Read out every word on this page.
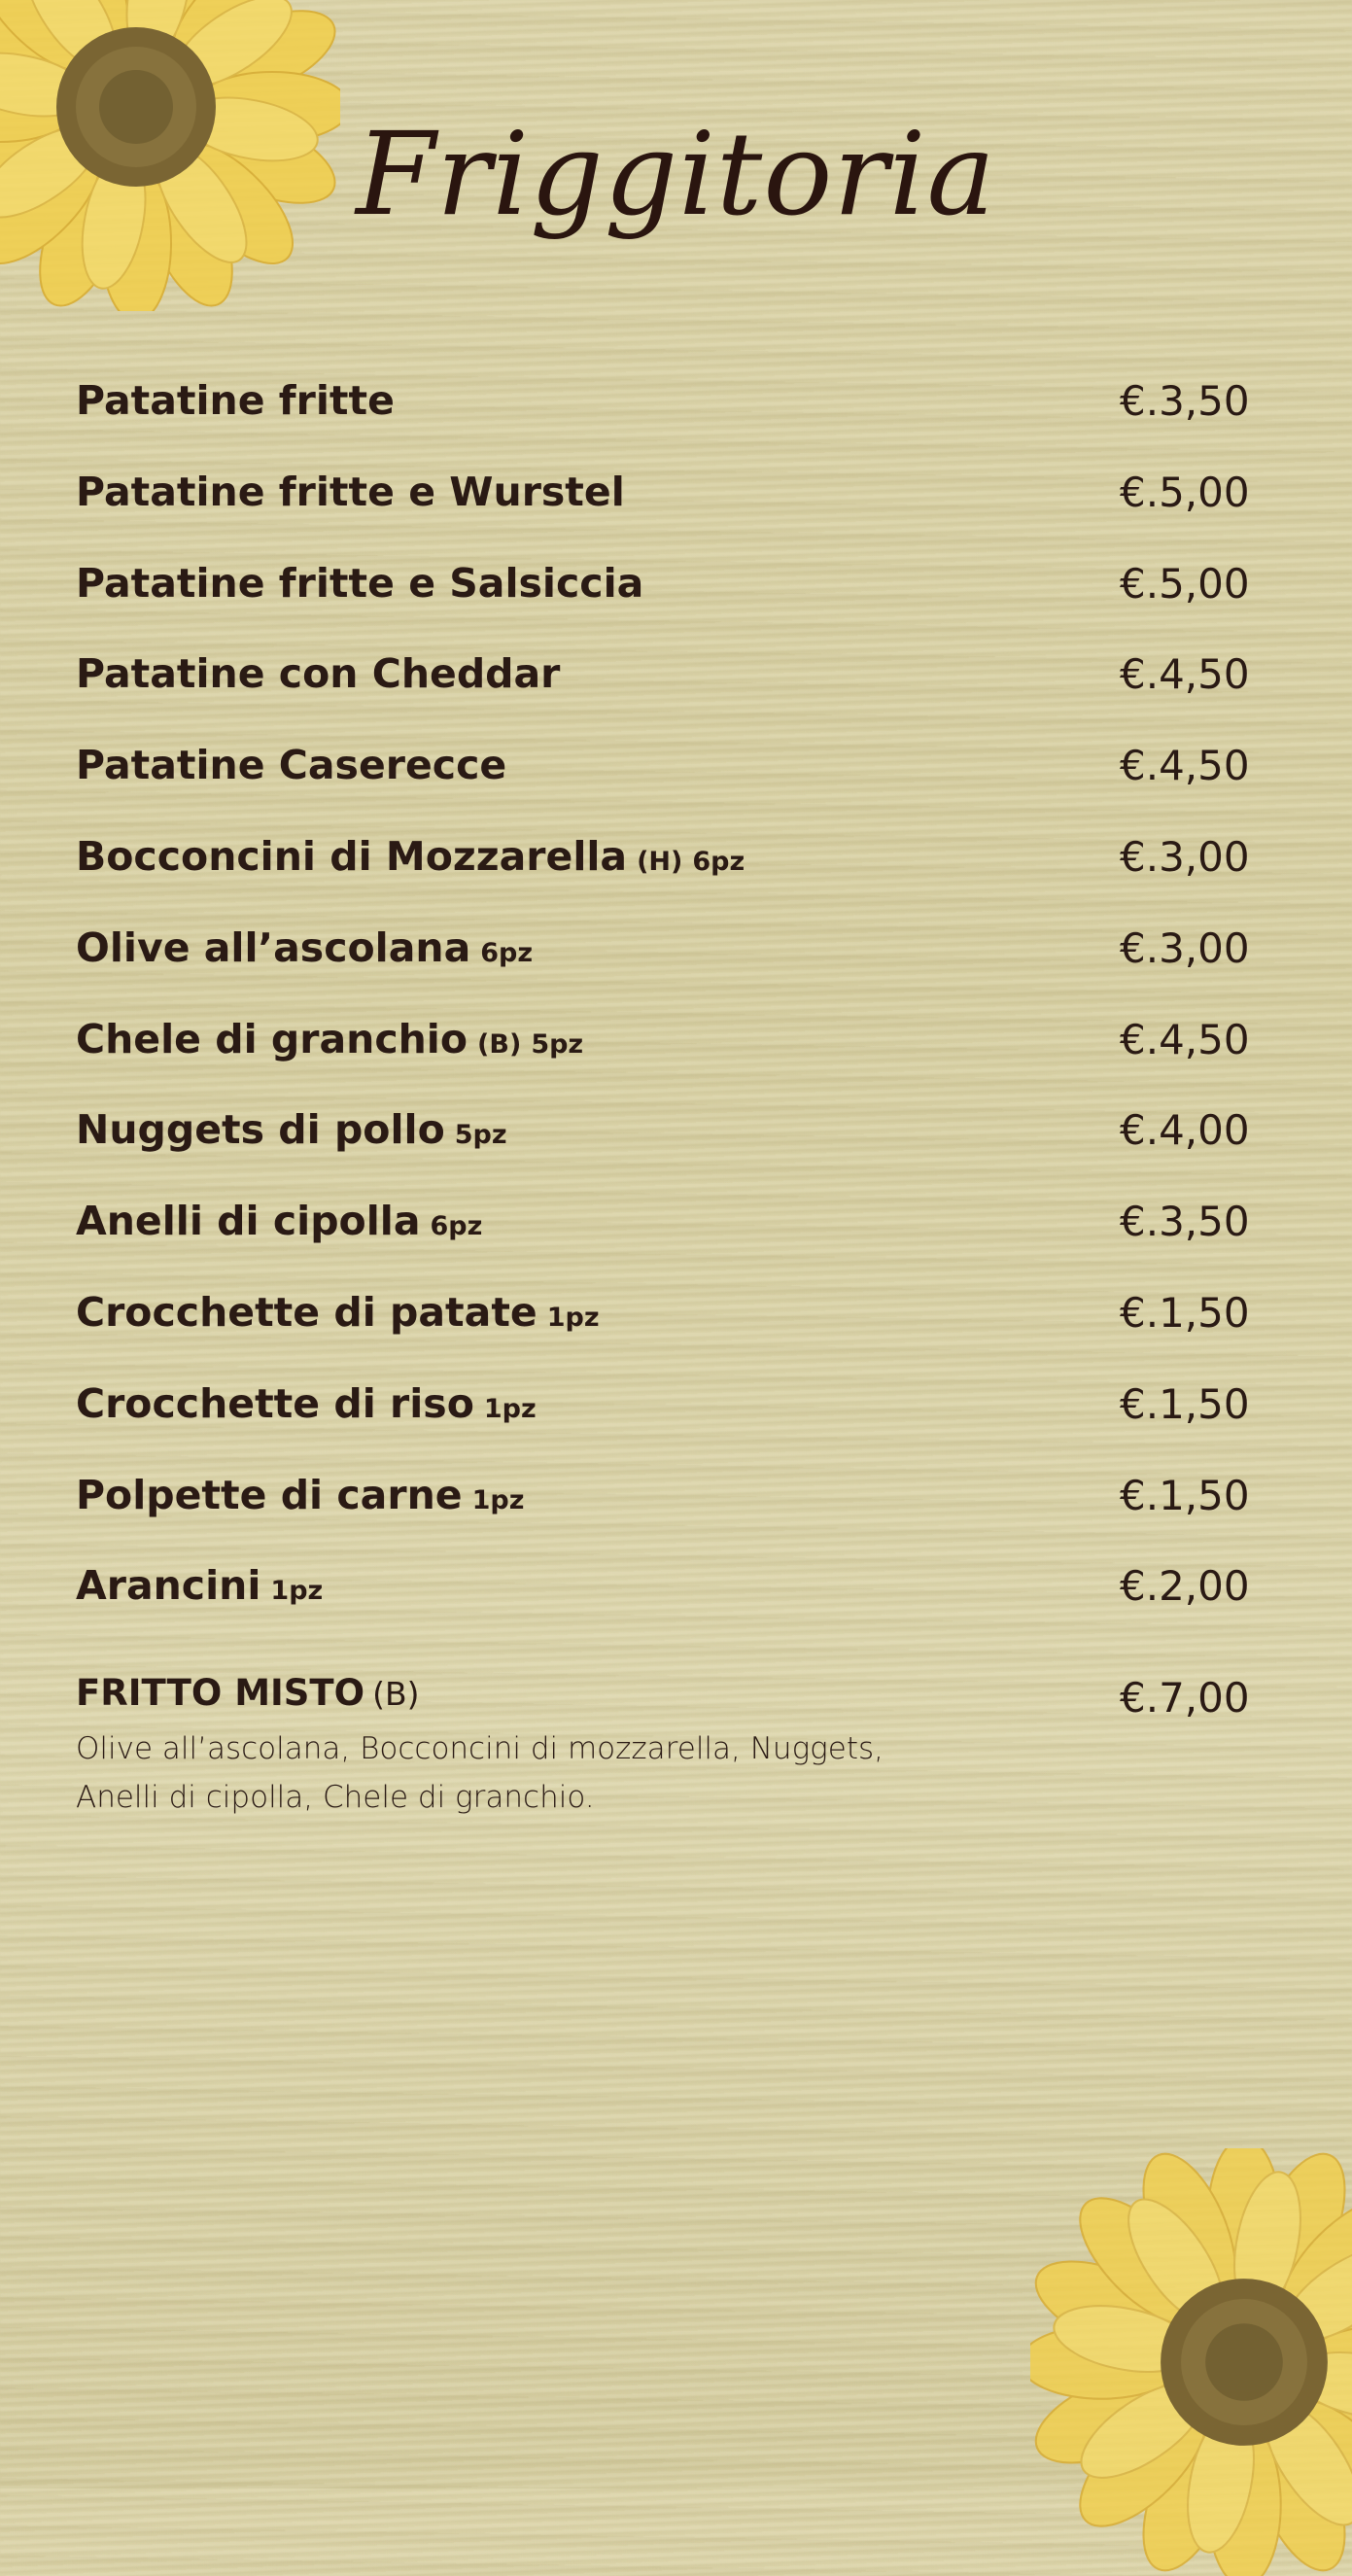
Friggitoria
Patatine fritte	€.3,50
Patatine fritte e Wurstel	€.5,00
Patatine fritte e Salsiccia	€.5,00
Patatine con Cheddar	€.4,50
Patatine Caserecce	€.4,50
Bocconcini di Mozzarella (H) 6pz	€.3,00
Olive all’ascolana 6pz	€.3,00
Chele di granchio (B) 5pz	€.4,50
Nuggets di pollo 5pz	€.4,00
Anelli di cipolla 6pz	€.3,50
Crocchette di patate 1pz	€.1,50
Crocchette di riso 1pz	€.1,50
Polpette di carne 1pz	€.1,50
Arancini 1pz	€.2,00
FRITTO MISTO (B)	€.7,00
Olive all’ascolana, Bocconcini di mozzarella, Nuggets,
Anelli di cipolla, Chele di granchio.
